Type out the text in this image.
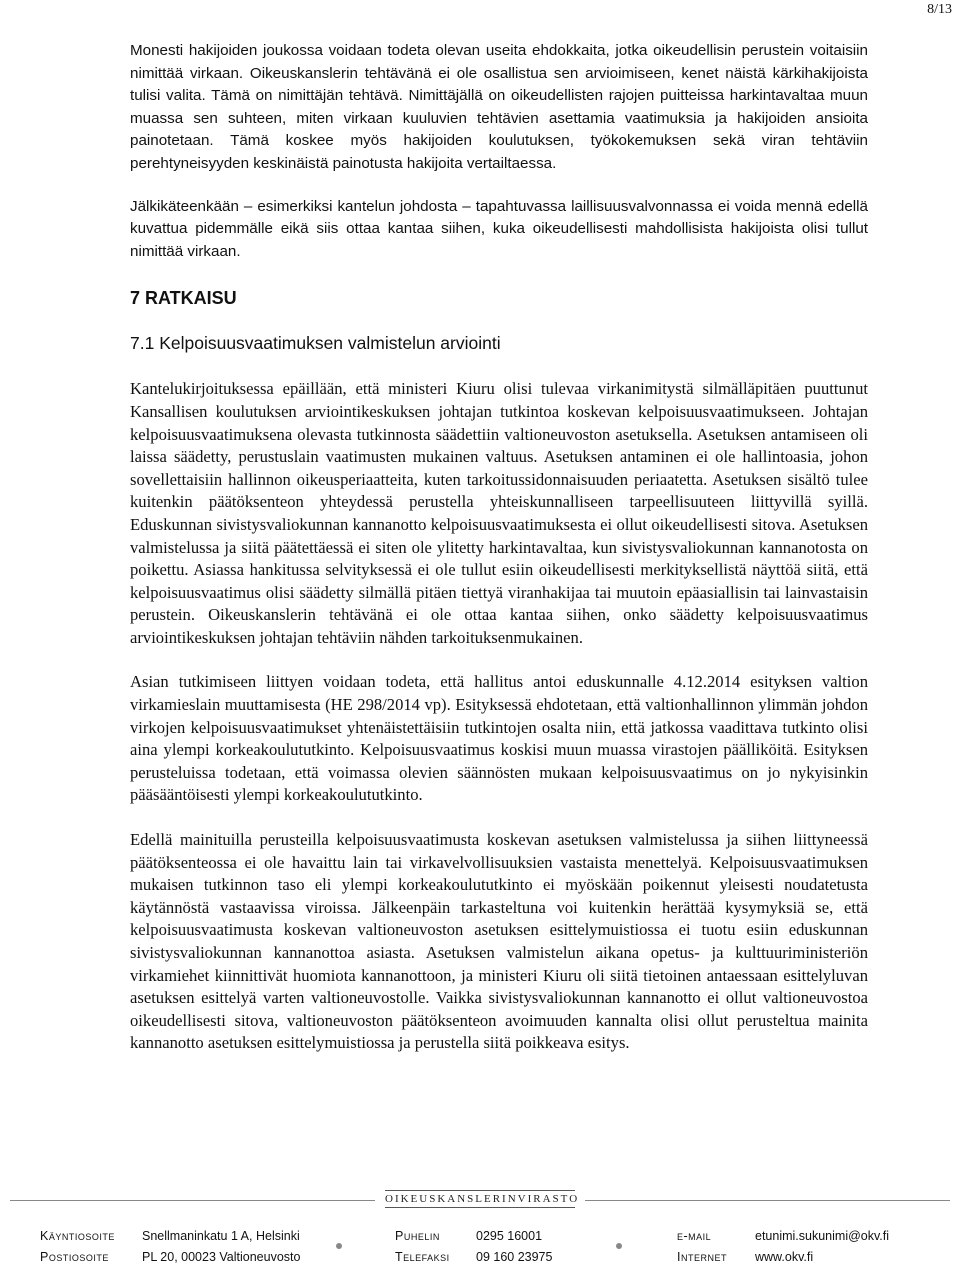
8/13

Monesti hakijoiden joukossa voidaan todeta olevan useita ehdokkaita, jotka oikeudellisin perustein voitaisiin nimittää virkaan. Oikeuskanslerin tehtävänä ei ole osallistua sen arvioimiseen, kenet näistä kärkihakijoista tulisi valita. Tämä on nimittäjän tehtävä. Nimittäjällä on oikeudellisten rajojen puitteissa harkintavaltaa muun muassa sen suhteen, miten virkaan kuuluvien tehtävien asettamia vaatimuksia ja hakijoiden ansioita painotetaan. Tämä koskee myös hakijoiden koulutuksen, työkokemuksen sekä viran tehtäviin perehtyneisyyden keskinäistä painotusta hakijoita vertailtaessa.

Jälkikäteenkään – esimerkiksi kantelun johdosta – tapahtuvassa laillisuusvalvonnassa ei voida mennä edellä kuvattua pidemmälle eikä siis ottaa kantaa siihen, kuka oikeudellisesti mahdollisista hakijoista olisi tullut nimittää virkaan.

7 RATKAISU

7.1 Kelpoisuusvaatimuksen valmistelun arviointi

Kantelukirjoituksessa epäillään, että ministeri Kiuru olisi tulevaa virkanimitystä silmälläpitäen puuttunut Kansallisen koulutuksen arviointikeskuksen johtajan tutkintoa koskevan kelpoisuusvaatimukseen. Johtajan kelpoisuusvaatimuksena olevasta tutkinnosta säädettiin valtioneuvoston asetuksella. Asetuksen antamiseen oli laissa säädetty, perustuslain vaatimusten mukainen valtuus. Asetuksen antaminen ei ole hallintoasia, johon sovellettaisiin hallinnon oikeusperiaatteita, kuten tarkoitussidonnaisuuden periaatetta. Asetuksen sisältö tulee kuitenkin päätöksenteon yhteydessä perustella yhteiskunnalliseen tarpeellisuuteen liittyvillä syillä. Eduskunnan sivistysvaliokunnan kannanotto kelpoisuusvaatimuksesta ei ollut oikeudellisesti sitova. Asetuksen valmistelussa ja siitä päätettäessä ei siten ole ylitetty harkintavaltaa, kun sivistysvaliokunnan kannanotosta on poikettu. Asiassa hankitussa selvityksessä ei ole tullut esiin oikeudellisesti merkityksellistä näyttöä siitä, että kelpoisuusvaatimus olisi säädetty silmällä pitäen tiettyä viranhakijaa tai muutoin epäasiallisin tai lainvastaisin perustein. Oikeuskanslerin tehtävänä ei ole ottaa kantaa siihen, onko säädetty kelpoisuusvaatimus arviointikeskuksen johtajan tehtäviin nähden tarkoituksenmukainen.

Asian tutkimiseen liittyen voidaan todeta, että hallitus antoi eduskunnalle 4.12.2014 esityksen valtion virkamieslain muuttamisesta (HE 298/2014 vp). Esityksessä ehdotetaan, että valtionhallinnon ylimmän johdon virkojen kelpoisuusvaatimukset yhtenäistettäisiin tutkintojen osalta niin, että jatkossa vaadittava tutkinto olisi aina ylempi korkeakoulututkinto. Kelpoisuusvaatimus koskisi muun muassa virastojen päälliköitä. Esityksen perusteluissa todetaan, että voimassa olevien säännösten mukaan kelpoisuusvaatimus on jo nykyisinkin pääsääntöisesti ylempi korkeakoulututkinto.

Edellä mainituilla perusteilla kelpoisuusvaatimusta koskevan asetuksen valmistelussa ja siihen liittyneessä päätöksenteossa ei ole havaittu lain tai virkavelvollisuuksien vastaista menettelyä. Kelpoisuusvaatimuksen mukaisen tutkinnon taso eli ylempi korkeakoulututkinto ei myöskään poikennut yleisesti noudatetusta käytännöstä vastaavissa viroissa. Jälkeenpäin tarkasteltuna voi kuitenkin herättää kysymyksiä se, että kelpoisuusvaatimusta koskevan valtioneuvoston asetuksen esittelymuistiossa ei tuotu esiin eduskunnan sivistysvaliokunnan kannanottoa asiasta. Asetuksen valmistelun aikana opetus- ja kulttuuriministeriön virkamiehet kiinnittivät huomiota kannanottoon, ja ministeri Kiuru oli siitä tietoinen antaessaan esittelyluvan asetuksen esittelyä varten valtioneuvostolle. Vaikka sivistysvaliokunnan kannanotto ei ollut valtioneuvostoa oikeudellisesti sitova, valtioneuvoston päätöksenteon avoimuuden kannalta olisi ollut perusteltua mainita kannanotto asetuksen esittelymuistiossa ja perustella siitä poikkeava esitys.

OIKEUSKANSLERINVIRASTO
Käyntiosoite Snellmaninkatu 1 A, Helsinki	Puhelin	0295 16001	e-mail	etunimi.sukunimi@okv.fi
Postiosoite	PL 20, 00023 Valtioneuvosto	Telefaksi 09 160 23975	Internet www.okv.fi
